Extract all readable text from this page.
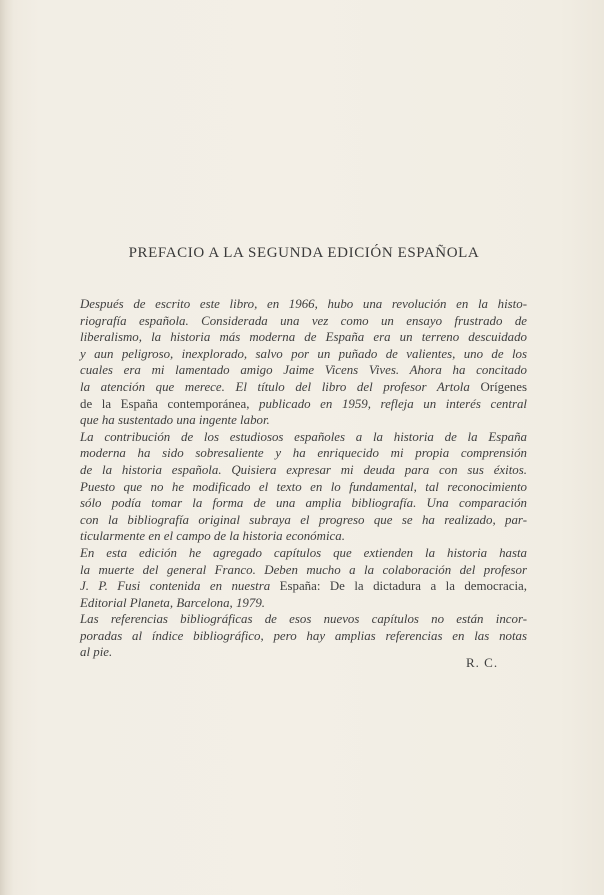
PREFACIO A LA SEGUNDA EDICIÓN ESPAÑOLA
Después de escrito este libro, en 1966, hubo una revolución en la histo-
riografía española. Considerada una vez como un ensayo frustrado de
liberalismo, la historia más moderna de España era un terreno descuidado
y aun peligroso, inexplorado, salvo por un puñado de valientes, uno de los
cuales era mi lamentado amigo Jaime Vicens Vives. Ahora ha concitado
la atención que merece. El título del libro del profesor Artola Orígenes
de la España contemporánea, publicado en 1959, refleja un interés central
que ha sustentado una ingente labor.
La contribución de los estudiosos españoles a la historia de la España
moderna ha sido sobresaliente y ha enriquecido mi propia comprensión
de la historia española. Quisiera expresar mi deuda para con sus éxitos.
Puesto que no he modificado el texto en lo fundamental, tal reconocimiento
sólo podía tomar la forma de una amplia bibliografía. Una comparación
con la bibliografía original subraya el progreso que se ha realizado, par-
ticularmente en el campo de la historia económica.
En esta edición he agregado capítulos que extienden la historia hasta
la muerte del general Franco. Deben mucho a la colaboración del profesor
J. P. Fusi contenida en nuestra España: De la dictadura a la democracia,
Editorial Planeta, Barcelona, 1979.
Las referencias bibliográficas de esos nuevos capítulos no están incor-
poradas al índice bibliográfico, pero hay amplias referencias en las notas
al pie.
R. C.
